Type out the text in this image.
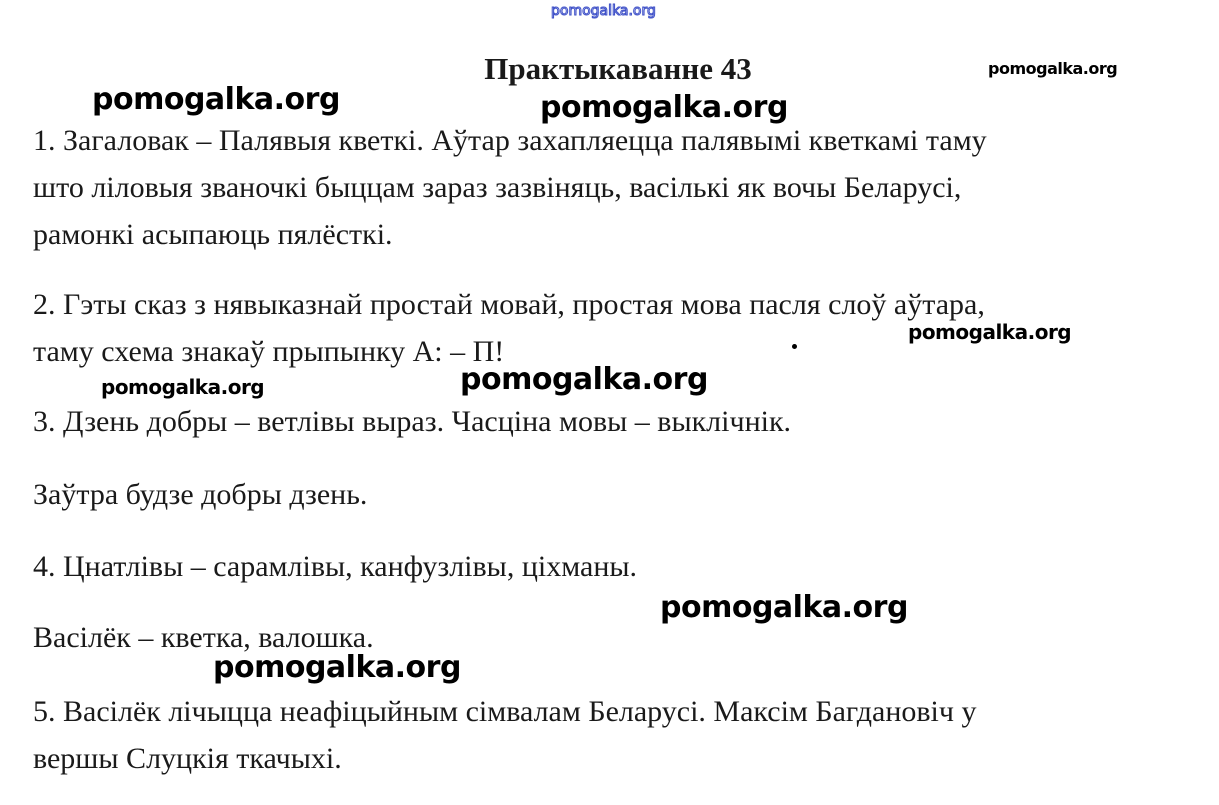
pomogalka.org
Практыкаванне 43	pomogalka.org
pomogalka.org	pomogalka.org
1. Загаловак – Палявыя кветкі. Аўтар захапляецца палявымі кветкамі таму
што ліловыя званочкі быццам зараз зазвіняць, васількі як вочы Беларусі,
рамонкі асыпаюць пялёсткі.
2. Гэты сказ з нявыказнай простай мовай, простая мова пасля слоў аўтара,
таму схема знакаў прыпынку А: – П!
pomogalka.org
pomogalka.org	pomogalka.org
3. Дзень добры – ветлівы выраз. Часціна мовы – выклічнік.
Заўтра будзе добры дзень.
4. Цнатлівы – сарамлівы, канфузлівы, ціхманы.
pomogalka.org
Васілёк – кветка, валошка.
pomogalka.org
5. Васілёк лічыцца неафіцыйным сімвалам Беларусі. Максім Багдановіч у
вершы Слуцкія ткачыхі.
